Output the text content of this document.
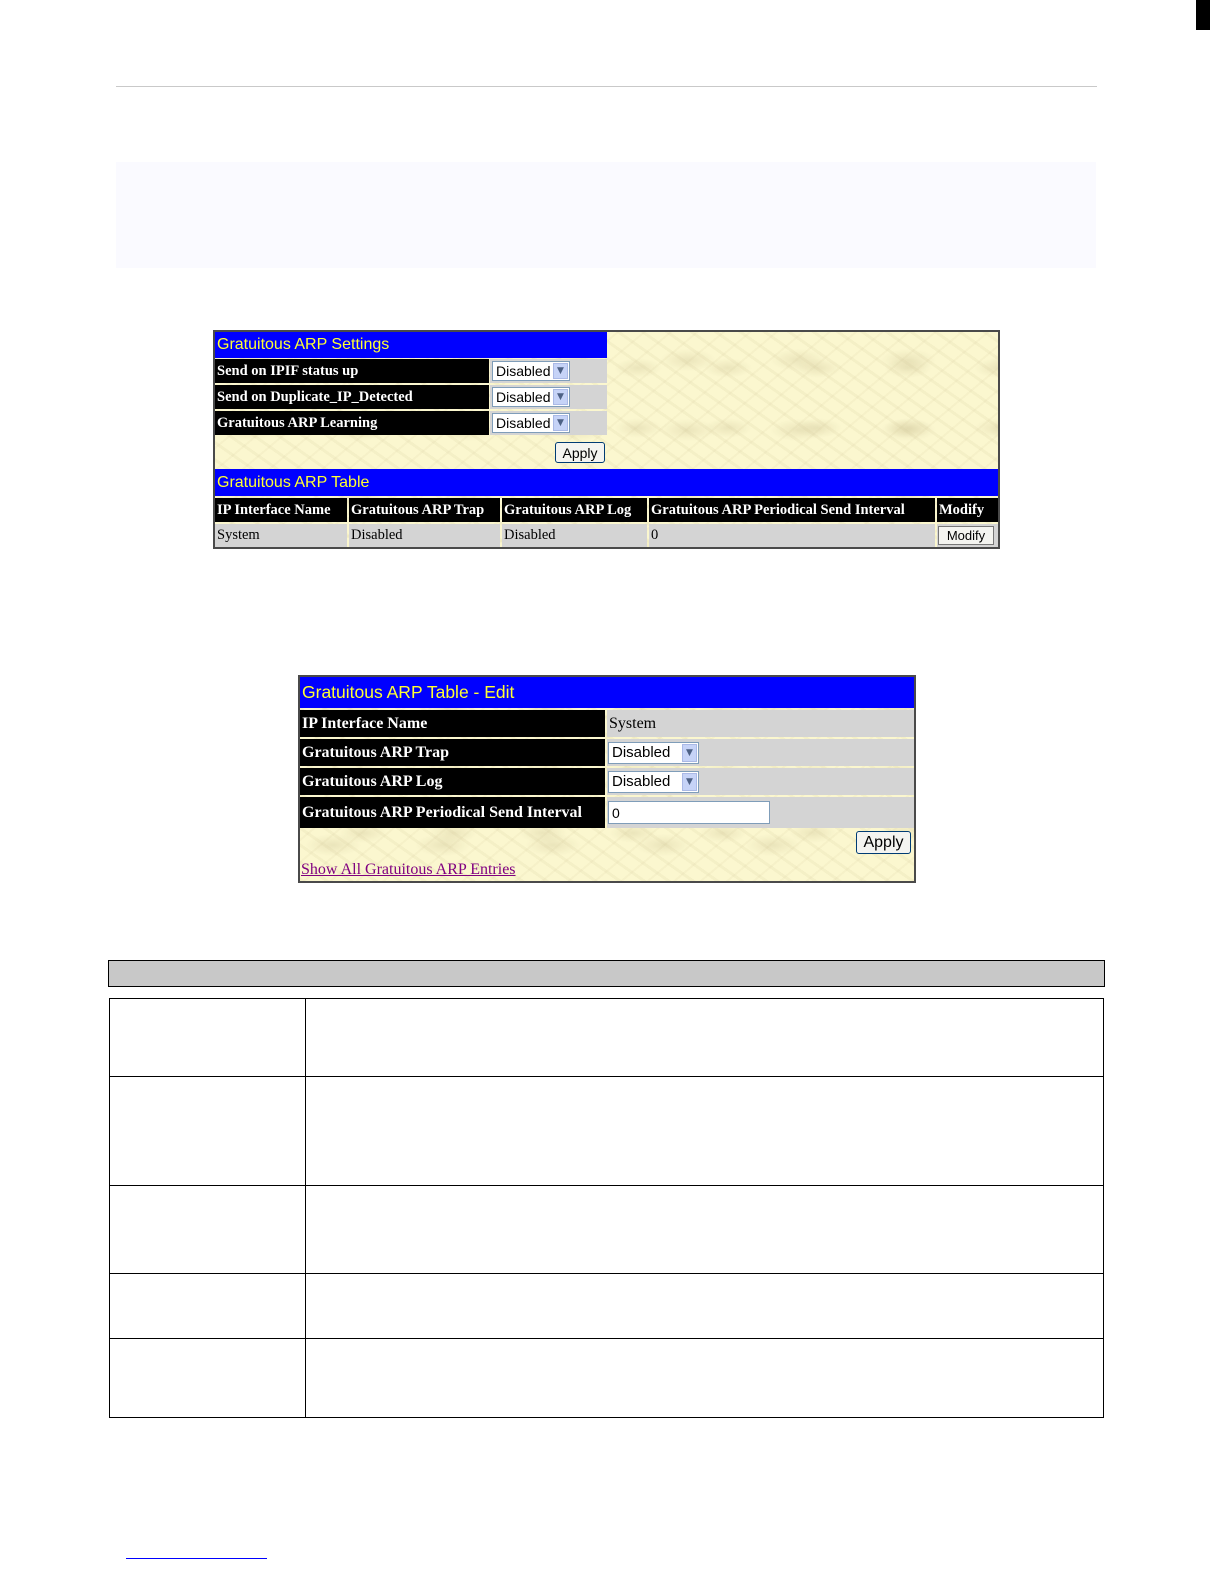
Gratuitous ARP Settings
Send on IPIF status up	Disabled ▼
Send on Duplicate_IP_Detected	Disabled ▼
Gratuitous ARP Learning	Disabled ▼
Apply
Gratuitous ARP Table
IP Interface Name	Gratuitous ARP Trap	Gratuitous ARP Log	Gratuitous ARP Periodical Send Interval	Modify
System	Disabled	Disabled	0	Modify
Gratuitous ARP Table - Edit
IP Interface Name	System
Gratuitous ARP Trap	Disabled	▼
Gratuitous ARP Log	Disabled	▼
Gratuitous ARP Periodical Send Interval	0
Apply
Show All Gratuitous ARP Entries
